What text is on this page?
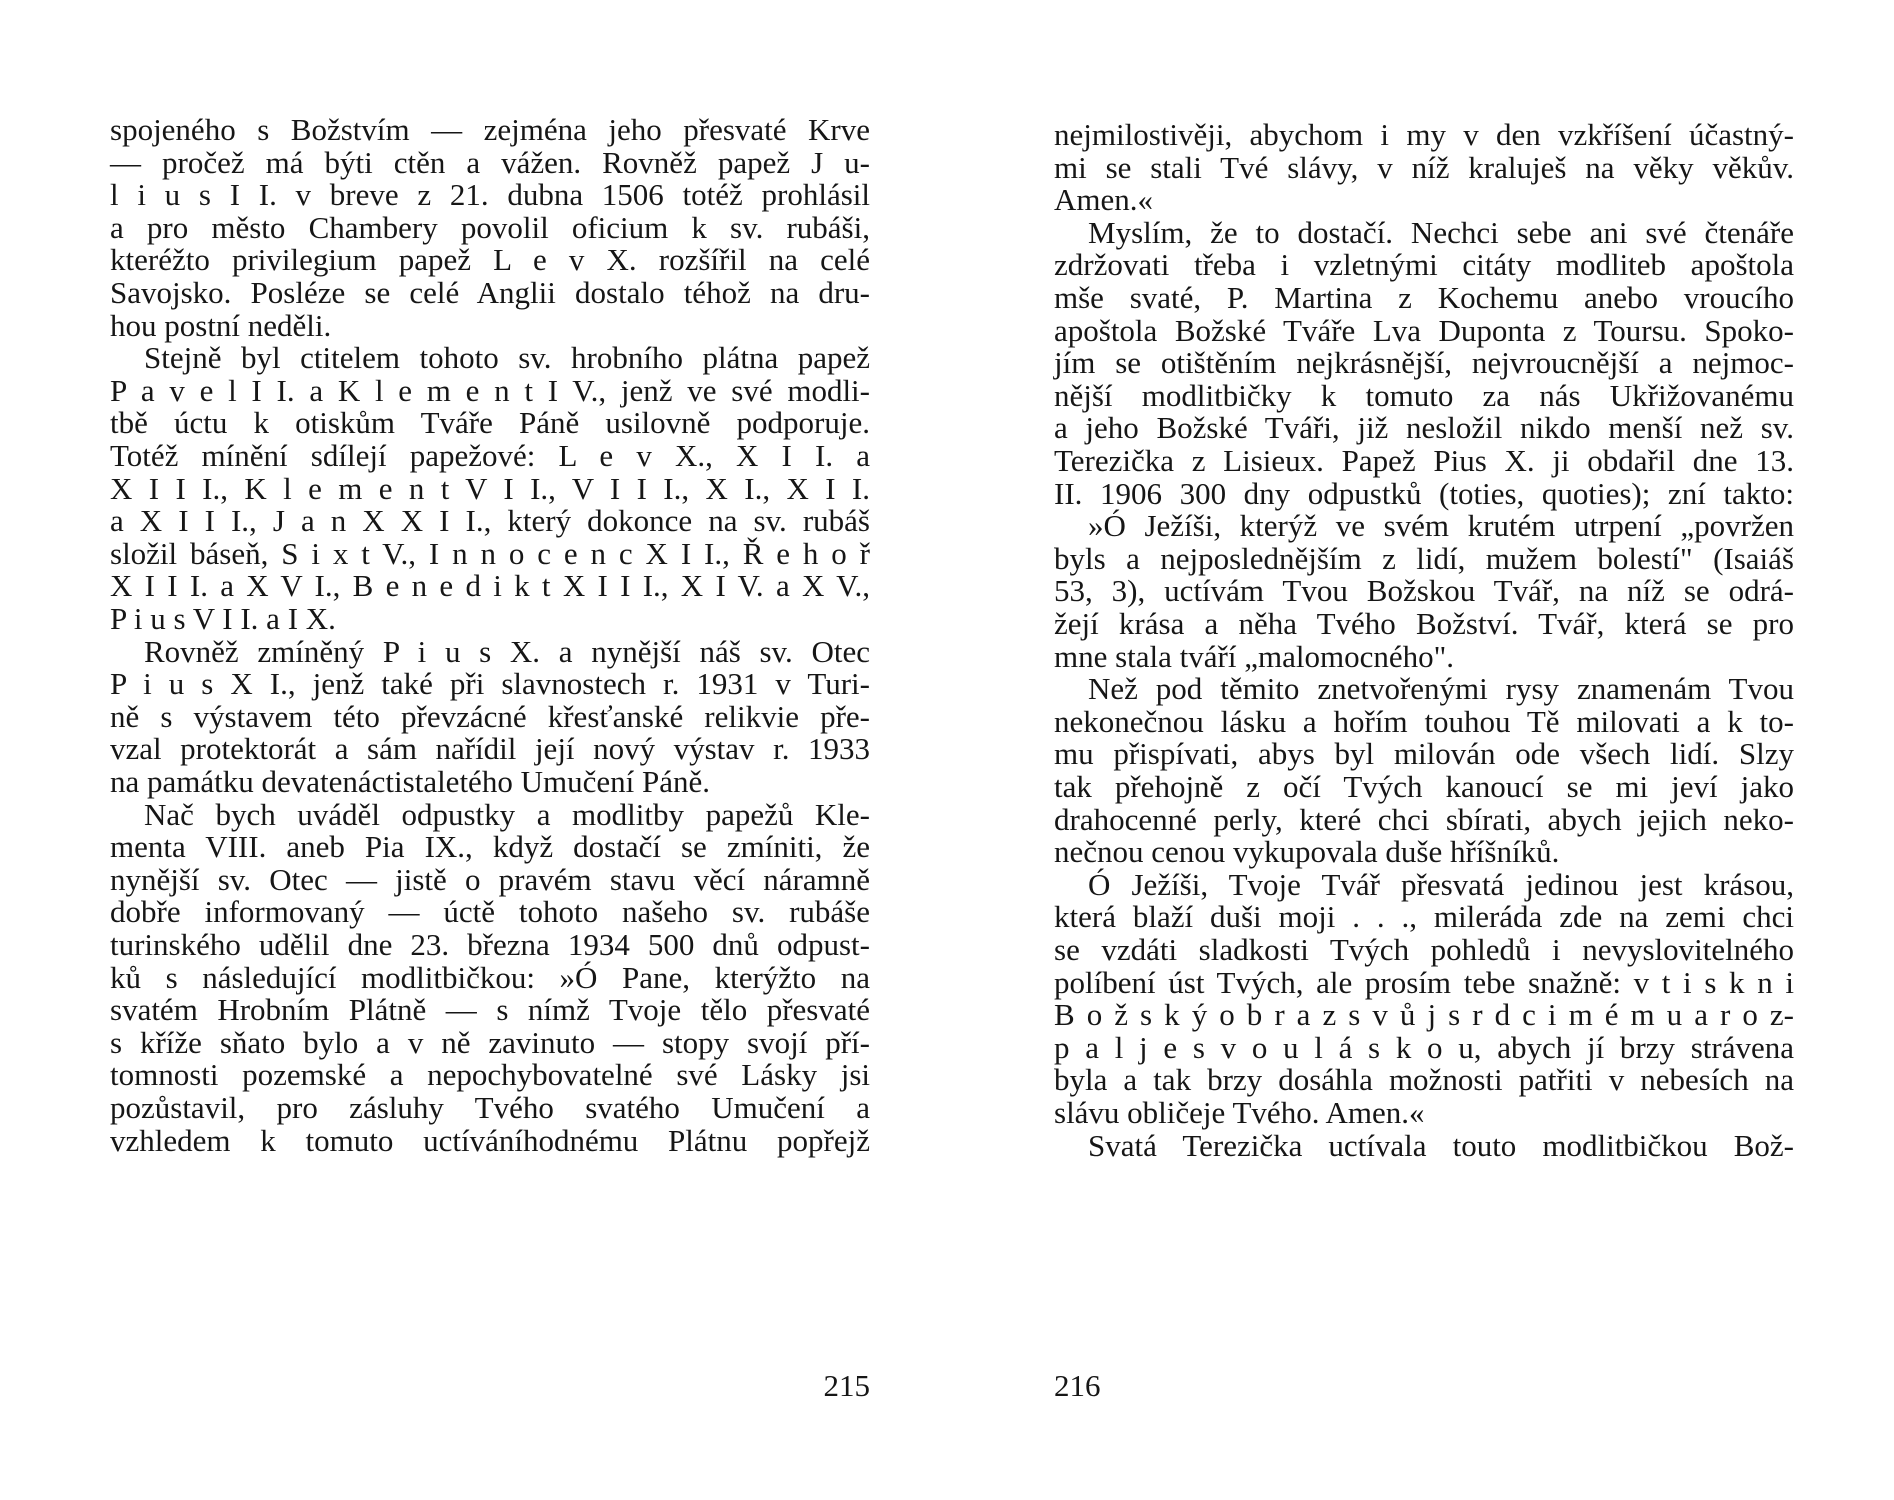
spojeného s Božstvím — zejména jeho přesvaté Krve
— pročež má býti ctěn a vážen. Rovněž papež J u-
l i u s I I. v breve z 21. dubna 1506 totéž prohlásil
a pro město Chambery povolil oficium k sv. rubáši,
kteréžto privilegium papež L e v X. rozšířil na celé
Savojsko. Posléze se celé Anglii dostalo téhož na dru-
hou postní neděli.
Stejně byl ctitelem tohoto sv. hrobního plátna papež
P a v e l I I. a K l e m e n t I V., jenž ve své modli-
tbě úctu k otiskům Tváře Páně usilovně podporuje.
Totéž mínění sdílejí papežové: L e v X., X I I. a
X I I I., K l e m e n t V I I., V I I I., X I., X I I.
a X I I I., J a n X X I I., který dokonce na sv. rubáš
složil báseň, S i x t V., I n n o c e n c X I I., Ř e h o ř
X I I I. a X V I., B e n e d i k t X I I I., X I V. a X V.,
P i u s V I I. a I X.
Rovněž zmíněný P i u s X. a nynější náš sv. Otec
P i u s X I., jenž také při slavnostech r. 1931 v Turi-
ně s výstavem této převzácné křesťanské relikvie pře-
vzal protektorát a sám nařídil její nový výstav r. 1933
na památku devatenáctistaletého Umučení Páně.
Nač bych uváděl odpustky a modlitby papežů Kle-
menta VIII. aneb Pia IX., když dostačí se zmíniti, že
nynější sv. Otec — jistě o pravém stavu věcí náramně
dobře informovaný — úctě tohoto našeho sv. rubáše
turinského udělil dne 23. března 1934 500 dnů odpust-
ků s následující modlitbičkou: »Ó Pane, kterýžto na
svatém Hrobním Plátně — s nímž Tvoje tělo přesvaté
s kříže sňato bylo a v ně zavinuto — stopy svojí pří-
tomnosti pozemské a nepochybovatelné své Lásky jsi
pozůstavil, pro zásluhy Tvého svatého Umučení a
vzhledem k tomuto uctíváníhodnému Plátnu popřejž
215
nejmilostivěji, abychom i my v den vzkříšení účastný-
mi se stali Tvé slávy, v níž kraluješ na věky věkův.
Amen.«
Myslím, že to dostačí. Nechci sebe ani své čtenáře
zdržovati třeba i vzletnými citáty modliteb apoštola
mše svaté, P. Martina z Kochemu anebo vroucího
apoštola Božské Tváře Lva Duponta z Toursu. Spoko-
jím se otištěním nejkrásnější, nejvroucnější a nejmoc-
nější modlitbičky k tomuto za nás Ukřižovanému
a jeho Božské Tváři, již nesložil nikdo menší než sv.
Terezička z Lisieux. Papež Pius X. ji obdařil dne 13.
II. 1906 300 dny odpustků (toties, quoties); zní takto:
»Ó Ježíši, kterýž ve svém krutém utrpení „povržen
byls a nejposlednějším z lidí, mužem bolestí" (Isaiáš
53, 3), uctívám Tvou Božskou Tvář, na níž se odrá-
žejí krása a něha Tvého Božství. Tvář, která se pro
mne stala tváří „malomocného".
Než pod těmito znetvořenými rysy znamenám Tvou
nekonečnou lásku a hořím touhou Tě milovati a k to-
mu přispívati, abys byl milován ode všech lidí. Slzy
tak přehojně z očí Tvých kanoucí se mi jeví jako
drahocenné perly, které chci sbírati, abych jejich neko-
nečnou cenou vykupovala duše hříšníků.
Ó Ježíši, Tvoje Tvář přesvatá jedinou jest krásou,
která blaží duši moji . . ., mileráda zde na zemi chci
se vzdáti sladkosti Tvých pohledů i nevyslovitelného
políbení úst Tvých, ale prosím tebe snažně: v t i s k n i
B o ž s k ý o b r a z s v ů j s r d c i m é m u a r o z-
p a l j e s v o u l á s k o u, abych jí brzy strávena
byla a tak brzy dosáhla možnosti patřiti v nebesích na
slávu obličeje Tvého. Amen.«
Svatá Terezička uctívala touto modlitbičkou Bož-
216
